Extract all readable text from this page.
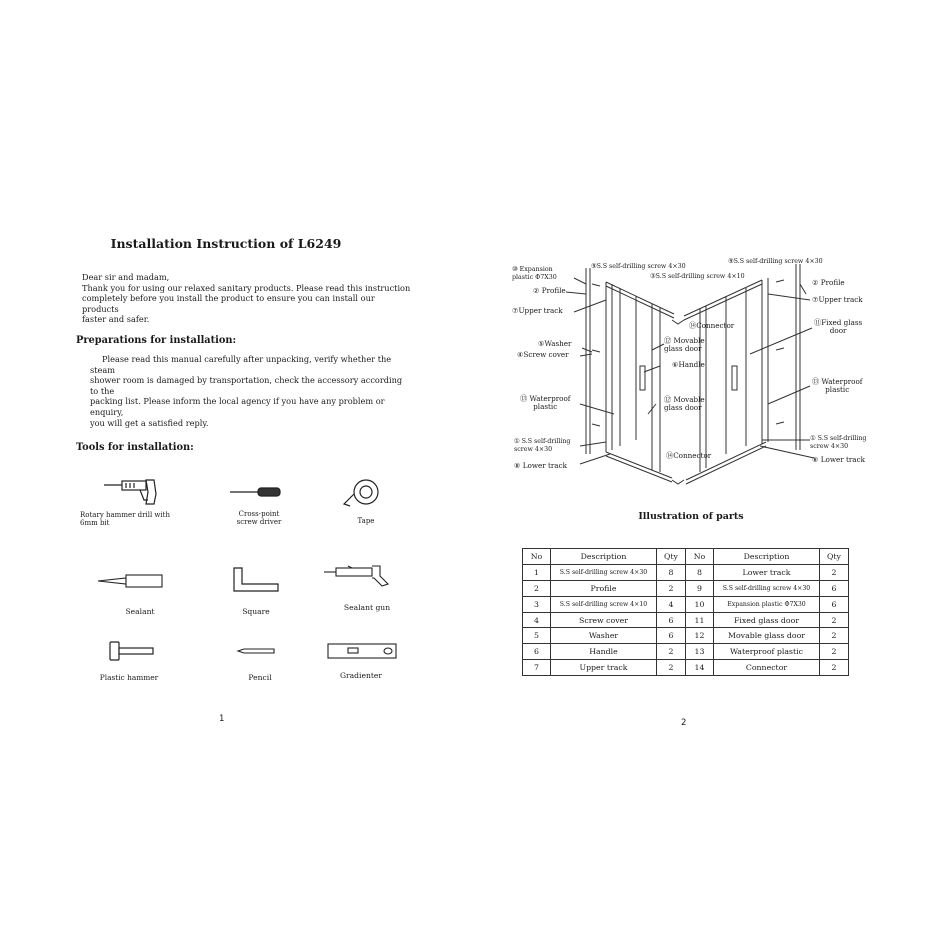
Installation Instruction of L6249
Dear sir and madam,
Thank you for using our relaxed sanitary products. Please read this instruction
completely before you install the product to ensure you can install our products
faster and safer.
Preparations for installation:
Please read this manual carefully after unpacking, verify whether the steam
shower room is damaged by transportation, check the accessory according to the
packing list. Please inform the local agency if you have any problem or enquiry,
you will get a satisfied reply.
Tools for installation:
Rotary hammer drill with
6mm bit
Cross-point
screw driver	Tape
Sealant	Square	Sealant gun
Plastic hammer	Pencil	Gradienter
1
⑩ Expansion
plastic Φ7X30
⑨S.S self-drilling screw 4×30
③S.S self-drilling screw 4×10
⑨S.S self-drilling screw 4×30
② Profile
② Profile
⑦Upper track
⑦Upper track
⑭Connector	⑪Fixed glass
door
⑫ Movable
glass door
⑤Washer
④Screw cover
⑥Handle
⑬ Waterproof
plastic
⑫ Movable
glass door
⑬ Waterproof
plastic
① S.S self-drilling
screw 4×30
① S.S self-drilling
screw 4×30
⑧ Lower track
⑭Connector	⑧ Lower track
Illustration of parts
No	Description	Qty	No	Description	Qty
1	S.S self-drilling screw 4×30	8	8	Lower track	2
2	Profile	2	9	S.S self-drilling screw 4×30	6
3	S.S self-drilling screw 4×10	4	10	Expansion plastic Φ7X30	6
4	Screw cover	6	11	Fixed glass door	2
5	Washer	6	12	Movable glass door	2
6	Handle	2	13	Waterproof plastic	2
7	Upper track	2	14	Connector	2
2
